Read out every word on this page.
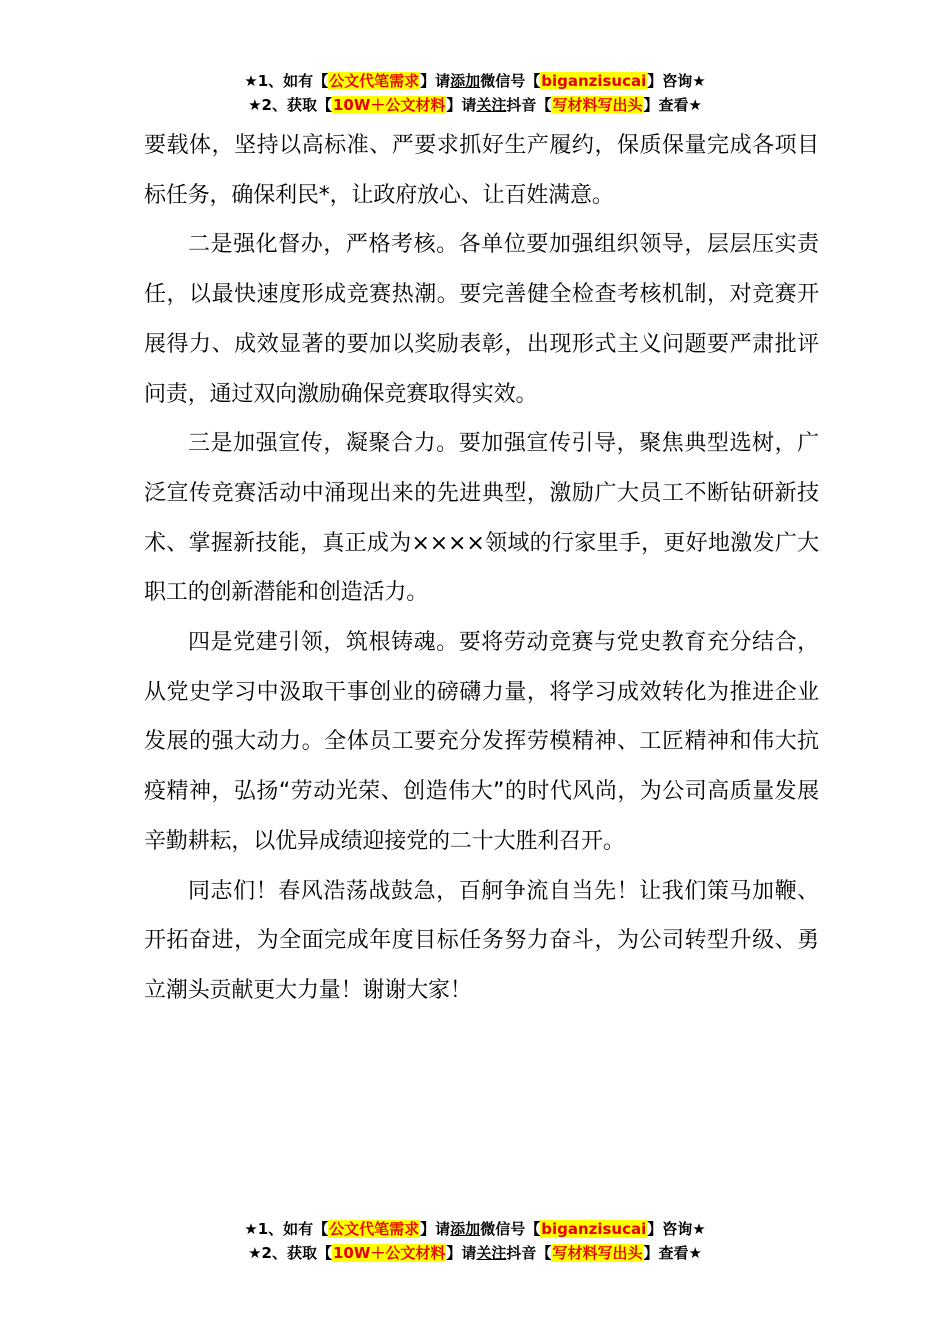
★1、如有【公文代笔需求】请添加微信号【biganzisucai】咨询★
★2、获取【10W＋公文材料】请关注抖音【写材料写出头】查看★

要载体，坚持以高标准、严要求抓好生产履约，保质保量完成各项目标任务，确保利民*，让政府放心、让百姓满意。

二是强化督办，严格考核。各单位要加强组织领导，层层压实责任，以最快速度形成竞赛热潮。要完善健全检查考核机制，对竞赛开展得力、成效显著的要加以奖励表彰，出现形式主义问题要严肃批评问责，通过双向激励确保竞赛取得实效。

三是加强宣传，凝聚合力。要加强宣传引导，聚焦典型选树，广泛宣传竞赛活动中涌现出来的先进典型，激励广大员工不断钻研新技术、掌握新技能，真正成为××××领域的行家里手，更好地激发广大职工的创新潜能和创造活力。

四是党建引领，筑根铸魂。要将劳动竞赛与党史教育充分结合，从党史学习中汲取干事创业的磅礴力量，将学习成效转化为推进企业发展的强大动力。全体员工要充分发挥劳模精神、工匠精神和伟大抗疫精神，弘扬“劳动光荣、创造伟大”的时代风尚，为公司高质量发展辛勤耕耘，以优异成绩迎接党的二十大胜利召开。

同志们！春风浩荡战鼓急，百舸争流自当先！让我们策马加鞭、开拓奋进，为全面完成年度目标任务努力奋斗，为公司转型升级、勇立潮头贡献更大力量！谢谢大家！

★1、如有【公文代笔需求】请添加微信号【biganzisucai】咨询★
★2、获取【10W＋公文材料】请关注抖音【写材料写出头】查看★
